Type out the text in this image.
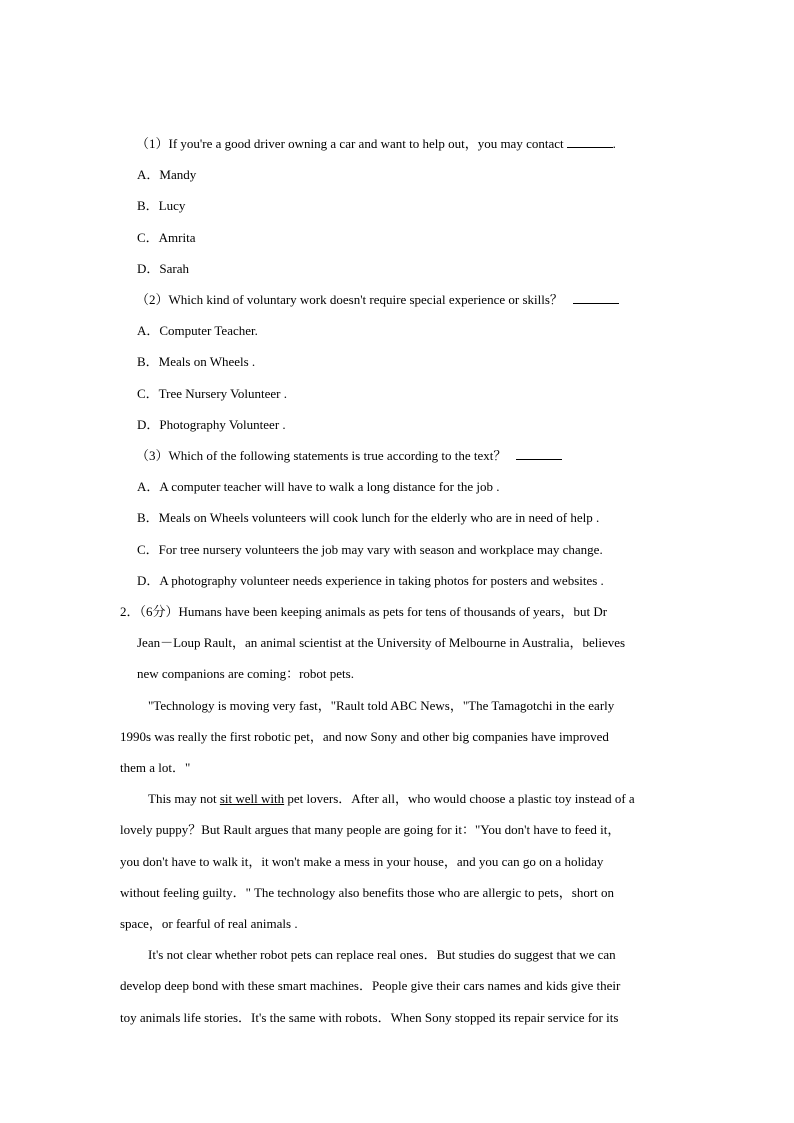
（1）If you're a good driver owning a car and want to help out，you may contact	.
A．Mandy
B．Lucy
C．Amrita
D．Sarah
（2）Which kind of voluntary work doesn't require special experience or skills？
A．Computer Teacher.
B．Meals on Wheels .
C．Tree Nursery Volunteer .
D．Photography Volunteer .
（3）Which of the following statements is true according to the text？
A．A computer teacher will have to walk a long distance for the job .
B．Meals on Wheels volunteers will cook lunch for the elderly who are in need of help .
C．For tree nursery volunteers the job may vary with season and workplace may change.
D．A photography volunteer needs experience in taking photos for posters and websites .
2．（6分）Humans have been keeping animals as pets for tens of thousands of years，but Dr
Jean－Loup Rault，an animal scientist at the University of Melbourne in Australia，believes
new companions are coming：robot pets.
"Technology is moving very fast，"Rault told ABC News，"The Tamagotchi in the early
1990s was really the first robotic pet，and now Sony and other big companies have improved
them a lot．"
This may not sit well with pet lovers．After all，who would choose a plastic toy instead of a
lovely puppy？But Rault argues that many people are going for it："You don't have to feed it，
you don't have to walk it，it won't make a mess in your house，and you can go on a holiday
without feeling guilty．" The technology also benefits those who are allergic to pets，short on
space，or fearful of real animals .
It's not clear whether robot pets can replace real ones．But studies do suggest that we can
develop deep bond with these smart machines．People give their cars names and kids give their
toy animals life stories．It's the same with robots．When Sony stopped its repair service for its
